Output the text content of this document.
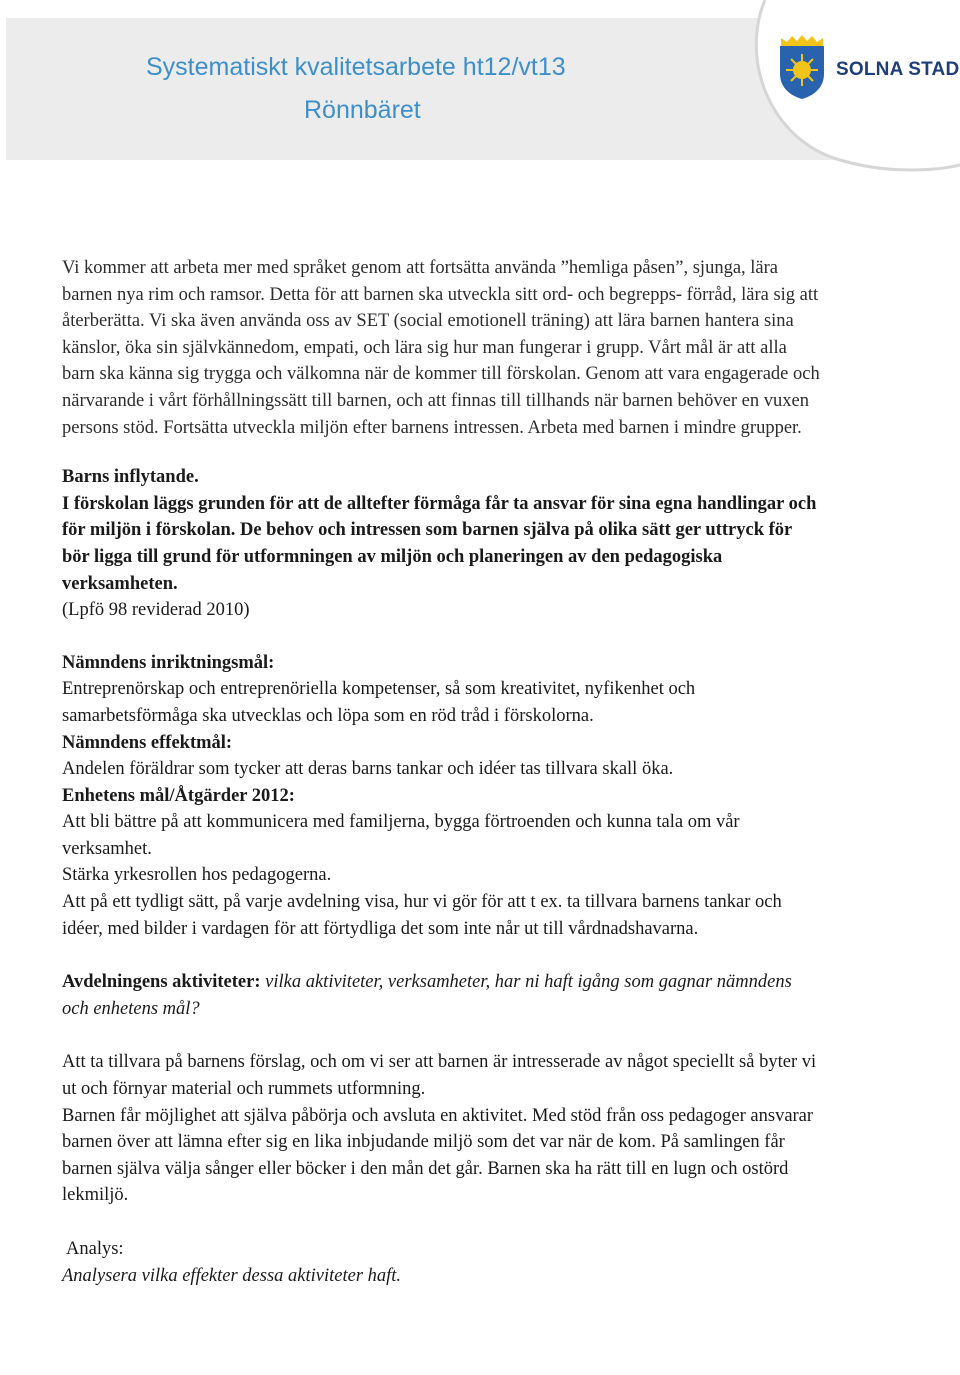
Systematiskt kvalitetsarbete ht12/vt13
Rönnbäret
SOLNA STAD

Vi kommer att arbeta mer med språket genom att fortsätta använda ”hemliga påsen”, sjunga, lära barnen nya rim och ramsor. Detta för att barnen ska utveckla sitt ord- och begrepps- förråd, lära sig att återberätta. Vi ska även använda oss av SET (social emotionell träning) att lära barnen hantera sina känslor, öka sin självkännedom, empati, och lära sig hur man fungerar i grupp. Vårt mål är att alla barn ska känna sig trygga och välkomna när de kommer till förskolan. Genom att vara engagerade och närvarande i vårt förhållningssätt till barnen, och att finnas till tillhands när barnen behöver en vuxen persons stöd. Fortsätta utveckla miljön efter barnens intressen. Arbeta med barnen i mindre grupper.

Barns inflytande.

I förskolan läggs grunden för att de alltefter förmåga får ta ansvar för sina egna handlingar och för miljön i förskolan. De behov och intressen som barnen själva på olika sätt ger uttryck för bör ligga till grund för utformningen av miljön och planeringen av den pedagogiska verksamheten.

(Lpfö 98 reviderad 2010)

Nämndens inriktningsmål:

Entreprenörskap och entreprenöriella kompetenser, så som kreativitet, nyfikenhet och samarbetsförmåga ska utvecklas och löpa som en röd tråd i förskolorna.

Nämndens effektmål:

Andelen föräldrar som tycker att deras barns tankar och idéer tas tillvara skall öka.

Enhetens mål/Åtgärder 2012:

Att bli bättre på att kommunicera med familjerna, bygga förtroenden och kunna tala om vår verksamhet.

Stärka yrkesrollen hos pedagogerna.

Att på ett tydligt sätt, på varje avdelning visa, hur vi gör för att t ex. ta tillvara barnens tankar och idéer, med bilder i vardagen för att förtydliga det som inte når ut till vårdnadshavarna.

Avdelningens aktiviteter: vilka aktiviteter, verksamheter, har ni haft igång som gagnar nämndens och enhetens mål?

Att ta tillvara på barnens förslag, och om vi ser att barnen är intresserade av något speciellt så byter vi ut och förnyar material och rummets utformning.

Barnen får möjlighet att själva påbörja och avsluta en aktivitet. Med stöd från oss pedagoger ansvarar barnen över att lämna efter sig en lika inbjudande miljö som det var när de kom. På samlingen får barnen själva välja sånger eller böcker i den mån det går. Barnen ska ha rätt till en lugn och ostörd lekmiljö.

Analys:

Analysera vilka effekter dessa aktiviteter haft.
